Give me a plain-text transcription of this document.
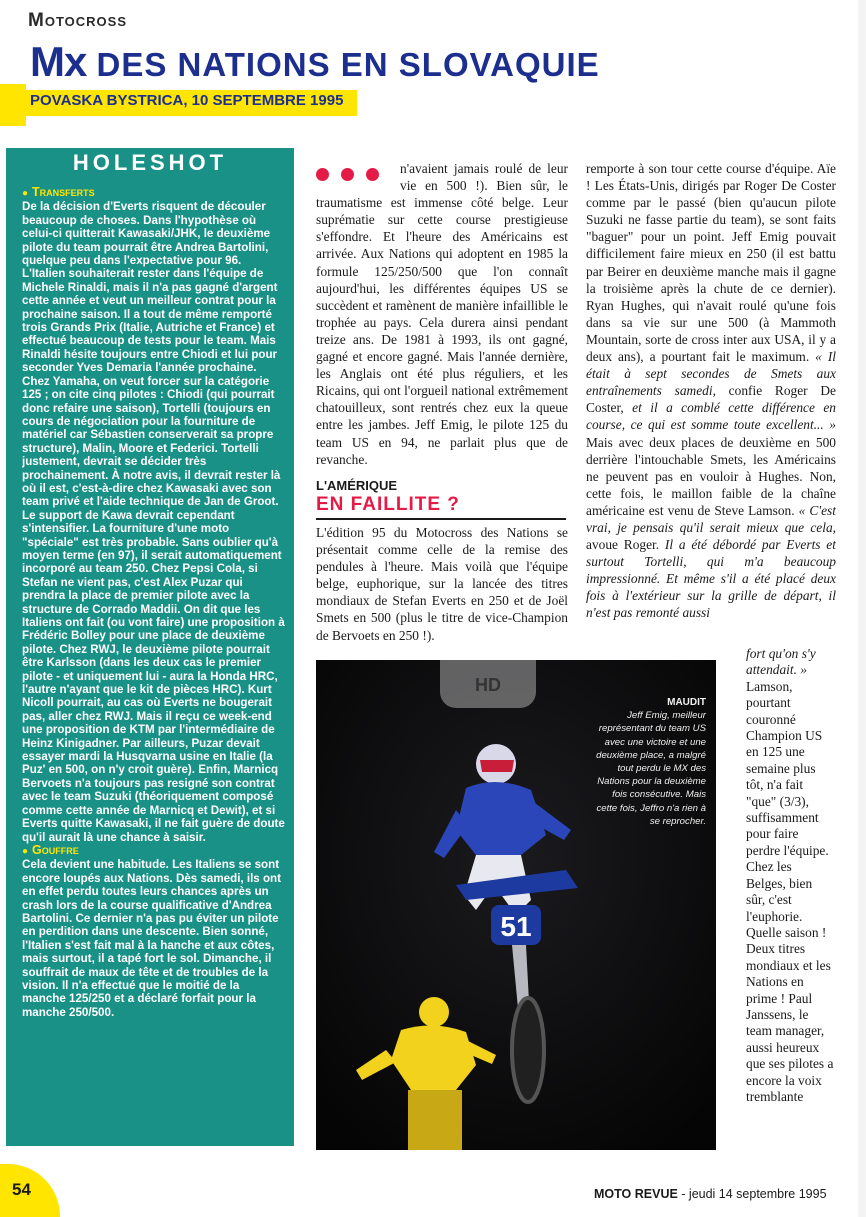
Motocross
Mx DES NATIONS EN SLOVAQUIE
POVASKA BYSTRICA, 10 SEPTEMBRE 1995
HOLESHOT
● Transferts
De la décision d'Everts risquent de découler beaucoup de choses. Dans l'hypothèse où celui-ci quitterait Kawasaki/JHK, le deuxième pilote du team pourrait être Andrea Bartolini, quelque peu dans l'expectative pour 96. L'Italien souhaiterait rester dans l'équipe de Michele Rinaldi, mais il n'a pas gagné d'argent cette année et veut un meilleur contrat pour la prochaine saison. Il a tout de même remporté trois Grands Prix (Italie, Autriche et France) et effectué beaucoup de tests pour le team. Mais Rinaldi hésite toujours entre Chiodi et lui pour seconder Yves Demaria l'année prochaine. Chez Yamaha, on veut forcer sur la catégorie 125 ; on cite cinq pilotes : Chiodi (qui pourrait donc refaire une saison), Tortelli (toujours en cours de négociation pour la fourniture de matériel car Sébastien conserverait sa propre structure), Malin, Moore et Federici. Tortelli justement, devrait se décider très prochainement. À notre avis, il devrait rester là où il est, c'est-à-dire chez Kawasaki avec son team privé et l'aide technique de Jan de Groot. Le support de Kawa devrait cependant s'intensifier. La fourniture d'une moto "spéciale" est très probable. Sans oublier qu'à moyen terme (en 97), il serait automatiquement incorporé au team 250. Chez Pepsi Cola, si Stefan ne vient pas, c'est Alex Puzar qui prendra la place de premier pilote avec la structure de Corrado Maddii. On dit que les Italiens ont fait (ou vont faire) une proposition à Frédéric Bolley pour une place de deuxième pilote. Chez RWJ, le deuxième pilote pourrait être Karlsson (dans les deux cas le premier pilote - et uniquement lui - aura la Honda HRC, l'autre n'ayant que le kit de pièces HRC). Kurt Nicoll pourrait, au cas où Everts ne bougerait pas, aller chez RWJ. Mais il reçu ce week-end une proposition de KTM par l'intermédiaire de Heinz Kinigadner. Par ailleurs, Puzar devait essayer mardi la Husqvarna usine en Italie (la Puz' en 500, on n'y croit guère). Enfin, Marnicq Bervoets n'a toujours pas resigné son contrat avec le team Suzuki (théoriquement composé comme cette année de Marnicq et Dewit), et si Everts quitte Kawasaki, il ne fait guère de doute qu'il aurait là une chance à saisir.
● Gouffre
Cela devient une habitude. Les Italiens se sont encore loupés aux Nations. Dès samedi, ils ont en effet perdu toutes leurs chances après un crash lors de la course qualificative d'Andrea Bartolini. Ce dernier n'a pas pu éviter un pilote en perdition dans une descente. Bien sonné, l'Italien s'est fait mal à la hanche et aux côtes, mais surtout, il a tapé fort le sol. Dimanche, il souffrait de maux de tête et de troubles de la vision. Il n'a effectué que le moitié de la manche 125/250 et a déclaré forfait pour la manche 250/500.
n'avaient jamais roulé de leur vie en 500 !). Bien sûr, le traumatisme est immense côté belge. Leur suprématie sur cette course prestigieuse s'effondre. Et l'heure des Américains est arrivée. Aux Nations qui adoptent en 1985 la formule 125/250/500 que l'on connaît aujourd'hui, les différentes équipes US se succèdent et ramènent de manière infaillible le trophée au pays. Cela durera ainsi pendant treize ans. De 1981 à 1993, ils ont gagné, gagné et encore gagné. Mais l'année dernière, les Anglais ont été plus réguliers, et les Ricains, qui ont l'orgueil national extrêmement chatouilleux, sont rentrés chez eux la queue entre les jambes. Jeff Emig, le pilote 125 du team US en 94, ne parlait plus que de revanche.
L'AMÉRIQUE
EN FAILLITE ?
L'édition 95 du Motocross des Nations se présentait comme celle de la remise des pendules à l'heure. Mais voilà que l'équipe belge, euphorique, sur la lancée des titres mondiaux de Stefan Everts en 250 et de Joël Smets en 500 (plus le titre de vice-Champion de Bervoets en 250 !).
remporte à son tour cette course d'équipe. Aïe ! Les États-Unis, dirigés par Roger De Coster comme par le passé (bien qu'aucun pilote Suzuki ne fasse partie du team), se sont faits "baguer" pour un point. Jeff Emig pouvait difficilement faire mieux en 250 (il est battu par Beirer en deuxième manche mais il gagne la troisième après la chute de ce dernier). Ryan Hughes, qui n'avait roulé qu'une fois dans sa vie sur une 500 (à Mammoth Mountain, sorte de cross inter aux USA, il y a deux ans), a pourtant fait le maximum. « Il était à sept secondes de Smets aux entraînements samedi, confie Roger De Coster, et il a comblé cette différence en course, ce qui est somme toute excellent... » Mais avec deux places de deuxième en 500 derrière l'intouchable Smets, les Américains ne peuvent pas en vouloir à Hughes. Non, cette fois, le maillon faible de la chaîne américaine est venu de Steve Lamson. « C'est vrai, je pensais qu'il serait mieux que cela, avoue Roger. Il a été débordé par Everts et surtout Tortelli, qui m'a beaucoup impressionné. Et même s'il a été placé deux fois à l'extérieur sur la grille de départ, il n'est pas remonté aussi
fort qu'on s'y attendait. » Lamson, pourtant couronné Champion US en 125 une semaine plus tôt, n'a fait "que" (3/3), suffisamment pour faire perdre l'équipe. Chez les Belges, bien sûr, c'est l'euphorie. Quelle saison ! Deux titres mondiaux et les Nations en prime ! Paul Janssens, le team manager, aussi heureux que ses pilotes a encore la voix tremblante
51
MAUDIT
Jeff Emig, meilleur représentant du team US avec une victoire et une deuxième place, a malgré tout perdu le MX des Nations pour la deuxième fois consécutive. Mais cette fois, Jeffro n'a rien à se reprocher.
HD
54	MOTO REVUE - jeudi 14 septembre 1995
